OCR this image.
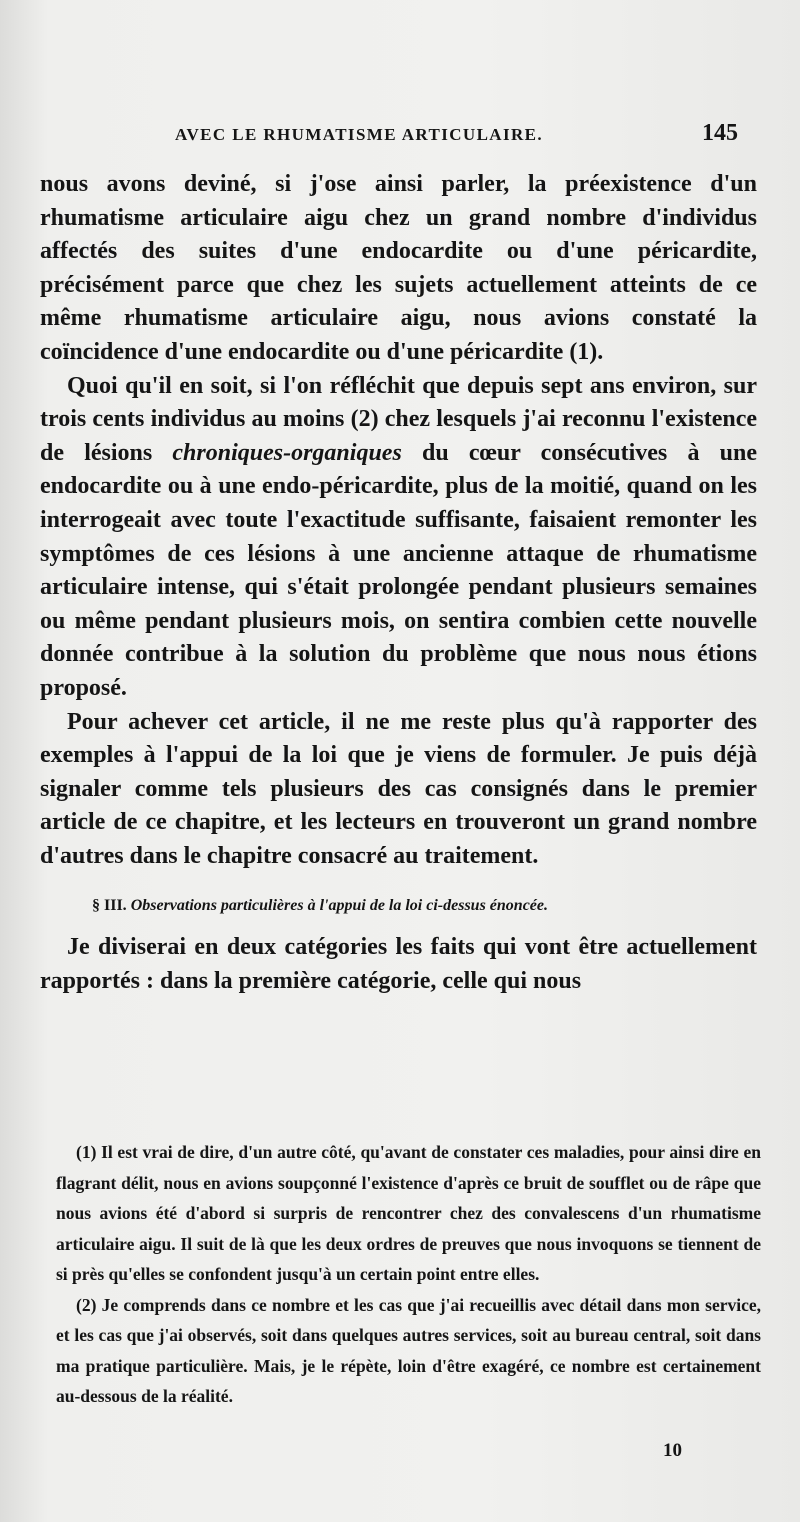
AVEC LE RHUMATISME ARTICULAIRE.	145

nous avons deviné, si j'ose ainsi parler, la préexistence d'un rhumatisme articulaire aigu chez un grand nombre d'individus affectés des suites d'une endocardite ou d'une péricardite, précisément parce que chez les sujets actuellement atteints de ce même rhumatisme articulaire aigu, nous avions constaté la coïncidence d'une endocardite ou d'une péricardite (1).

Quoi qu'il en soit, si l'on réfléchit que depuis sept ans environ, sur trois cents individus au moins (2) chez lesquels j'ai reconnu l'existence de lésions chroniques-organiques du cœur consécutives à une endocardite ou à une endo-péricardite, plus de la moitié, quand on les interrogeait avec toute l'exactitude suffisante, faisaient remonter les symptômes de ces lésions à une ancienne attaque de rhumatisme articulaire intense, qui s'était prolongée pendant plusieurs semaines ou même pendant plusieurs mois, on sentira combien cette nouvelle donnée contribue à la solution du problème que nous nous étions proposé.

Pour achever cet article, il ne me reste plus qu'à rapporter des exemples à l'appui de la loi que je viens de formuler. Je puis déjà signaler comme tels plusieurs des cas consignés dans le premier article de ce chapitre, et les lecteurs en trouveront un grand nombre d'autres dans le chapitre consacré au traitement.

§ III. Observations particulières à l'appui de la loi ci-dessus énoncée.

Je diviserai en deux catégories les faits qui vont être actuellement rapportés : dans la première catégorie, celle qui nous

(1) Il est vrai de dire, d'un autre côté, qu'avant de constater ces maladies, pour ainsi dire en flagrant délit, nous en avions soupçonné l'existence d'après ce bruit de soufflet ou de râpe que nous avions été d'abord si surpris de rencontrer chez des convalescens d'un rhumatisme articulaire aigu. Il suit de là que les deux ordres de preuves que nous invoquons se tiennent de si près qu'elles se confondent jusqu'à un certain point entre elles.

(2) Je comprends dans ce nombre et les cas que j'ai recueillis avec détail dans mon service, et les cas que j'ai observés, soit dans quelques autres services, soit au bureau central, soit dans ma pratique particulière. Mais, je le répète, loin d'être exagéré, ce nombre est certainement au-dessous de la réalité.

10
